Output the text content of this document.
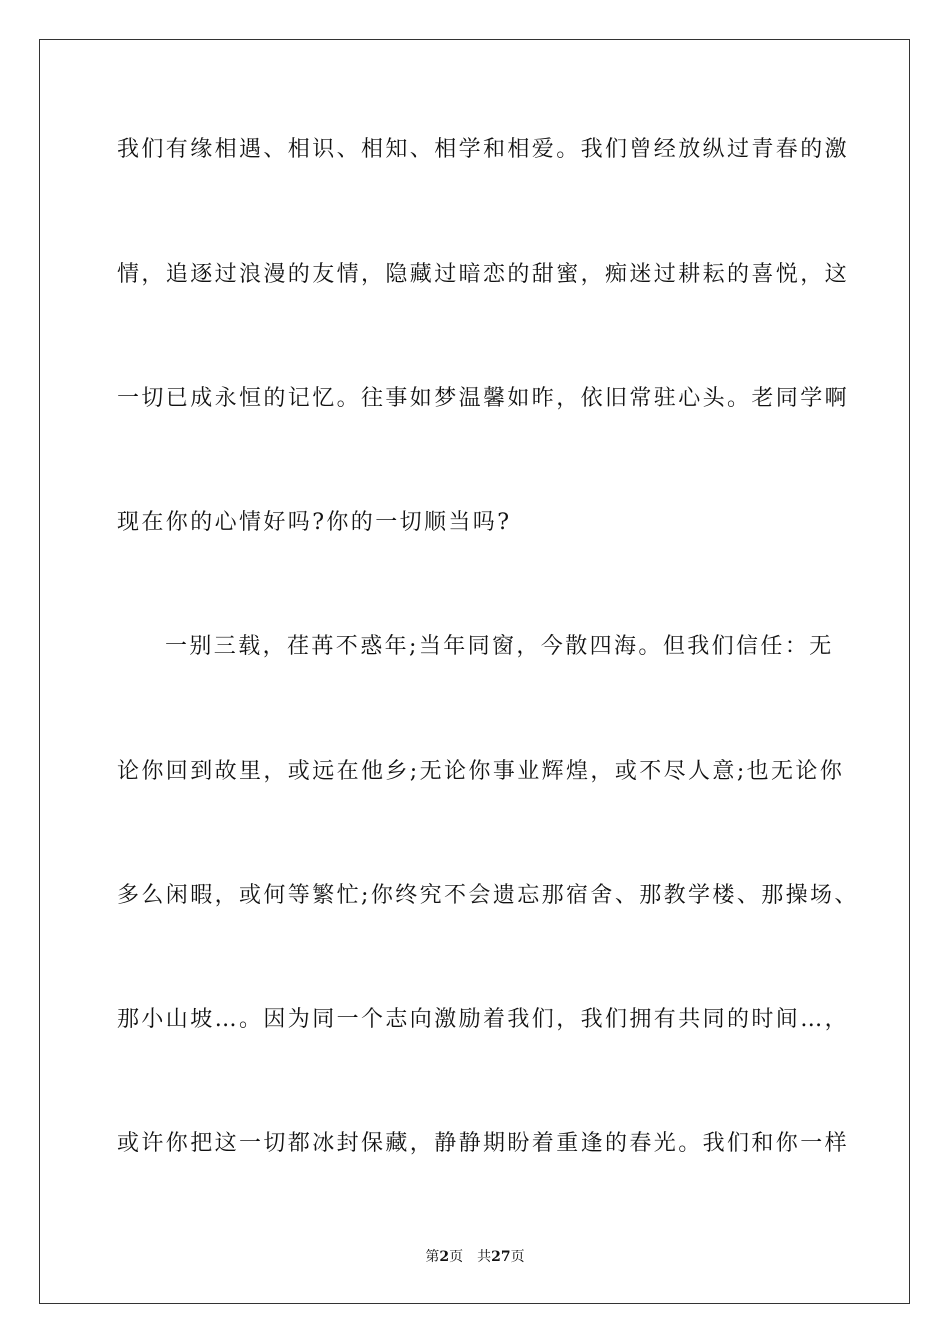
我们有缘相遇、相识、相知、相学和相爱。我们曾经放纵过青春的激
情，追逐过浪漫的友情，隐藏过暗恋的甜蜜，痴迷过耕耘的喜悦，这
一切已成永恒的记忆。往事如梦温馨如昨，依旧常驻心头。老同学啊
现在你的心情好吗?你的一切顺当吗?
一别三载，荏苒不惑年;当年同窗，今散四海。但我们信任：无
论你回到故里，或远在他乡;无论你事业辉煌，或不尽人意;也无论你
多么闲暇，或何等繁忙;你终究不会遗忘那宿舍、那教学楼、那操场、
那小山坡…。因为同一个志向激励着我们，我们拥有共同的时间…，
或许你把这一切都冰封保藏，静静期盼着重逢的春光。我们和你一样
第2页 共27页
